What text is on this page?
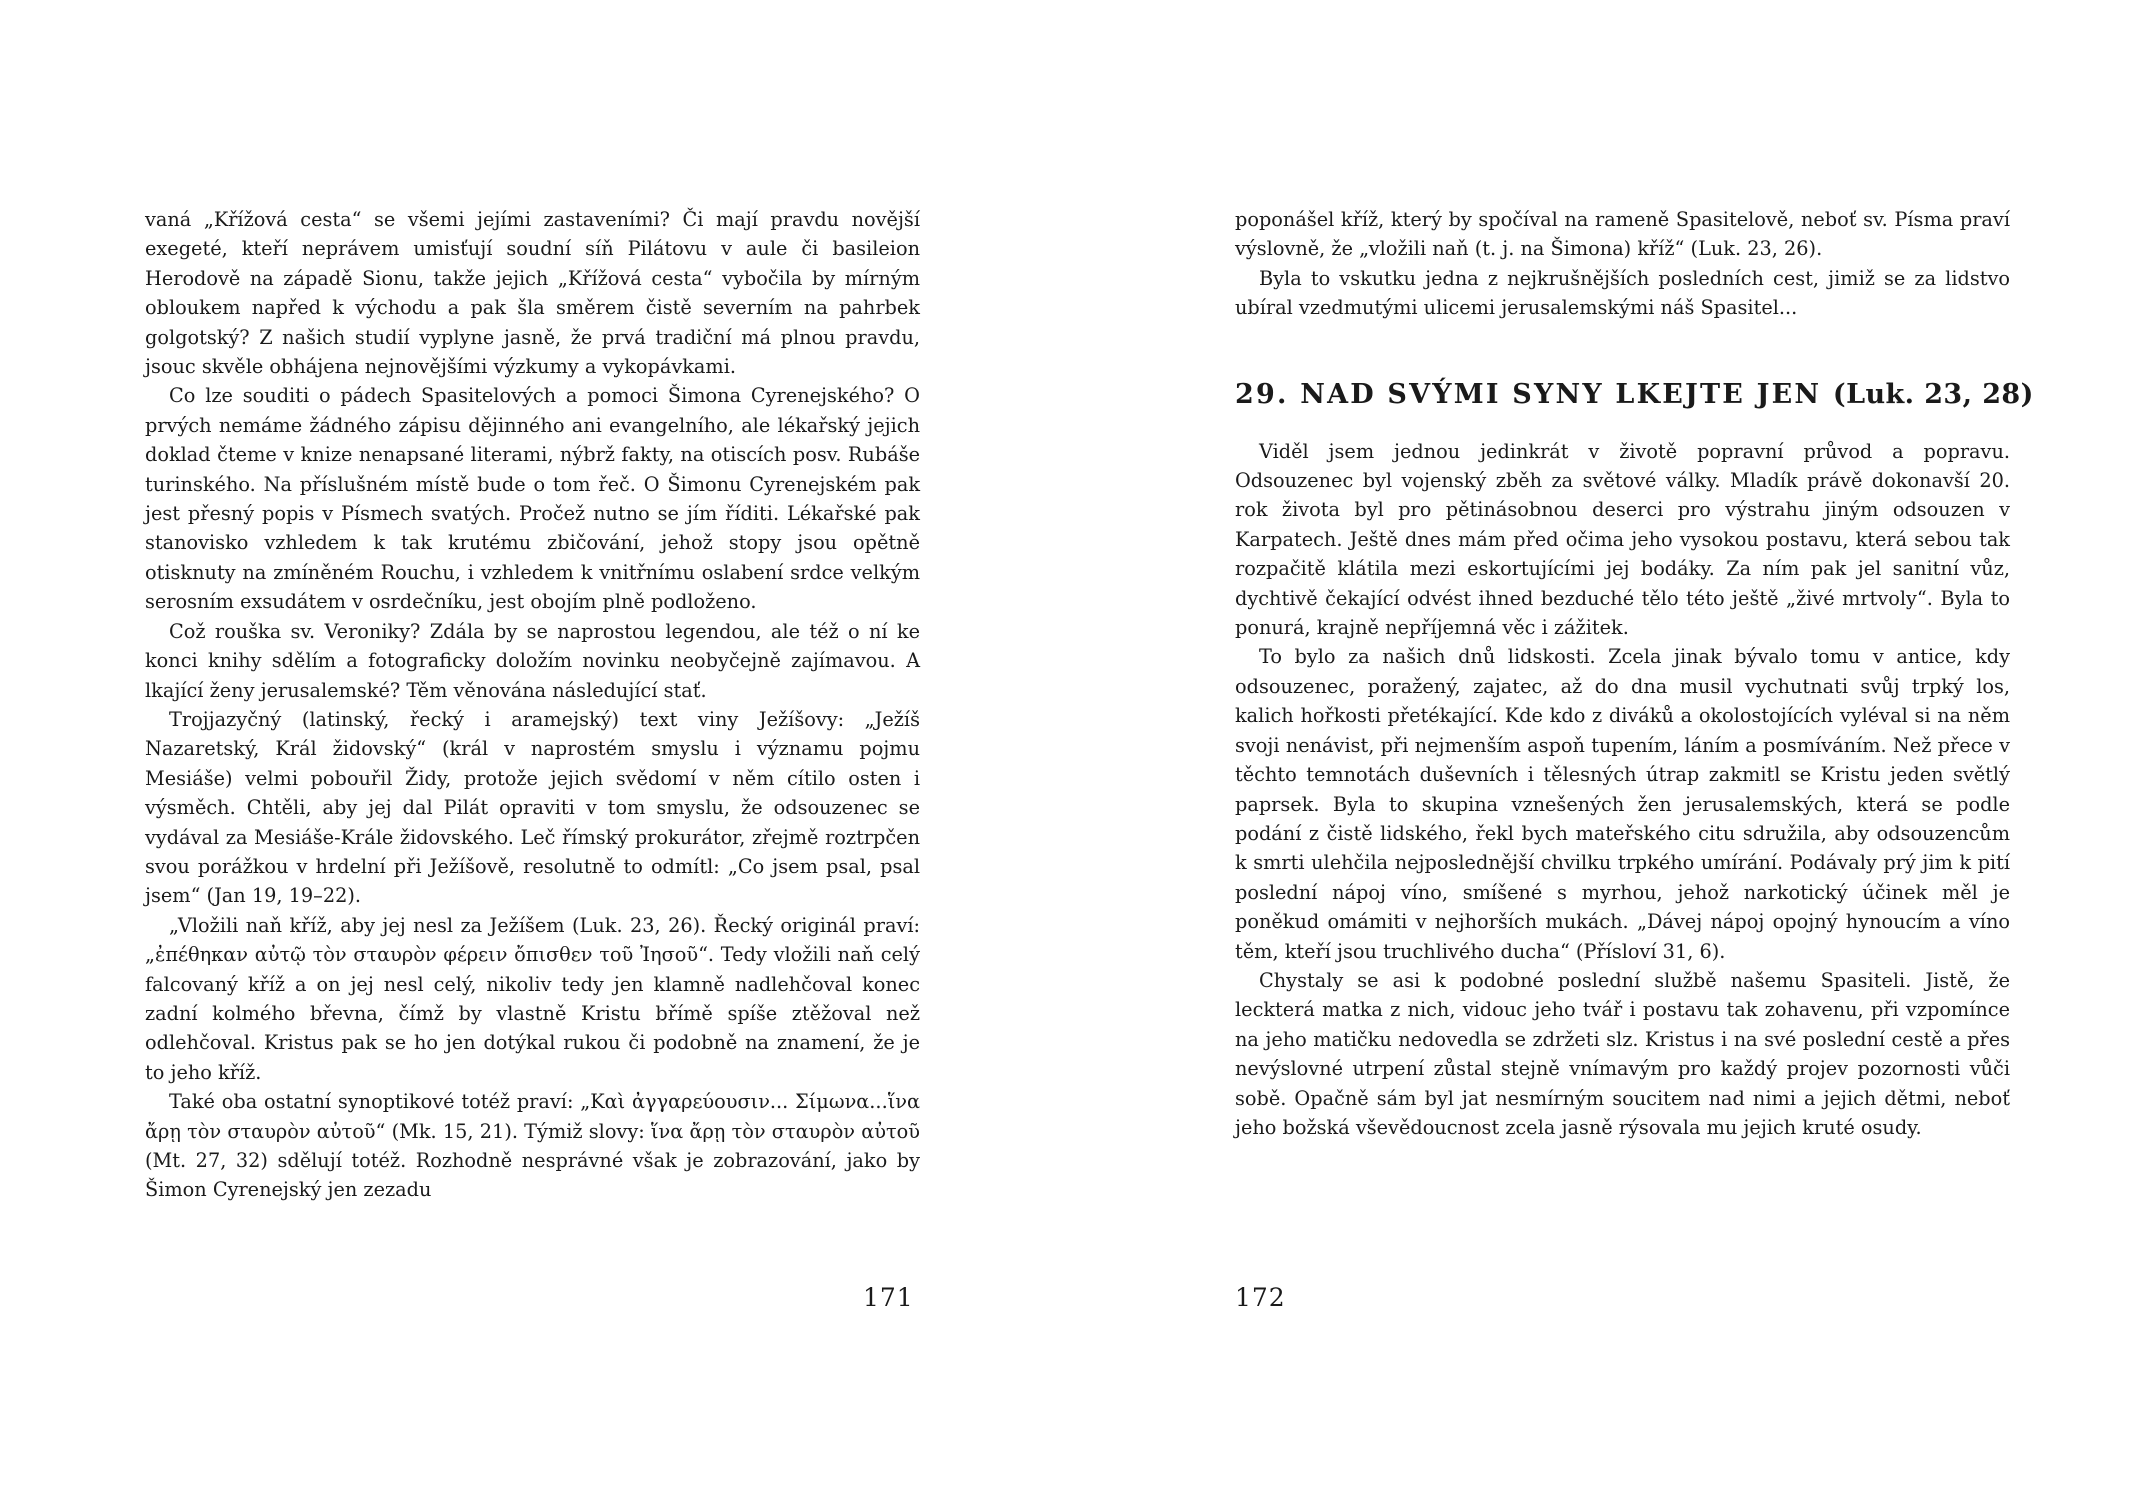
vaná „Křížová cesta“ se všemi jejími zastaveními? Či mají pravdu novější exegeté, kteří neprávem umisťují soudní síň Pilátovu v aule či basileion Herodově na západě Sionu, takže jejich „Křížová cesta“ vybočila by mírným obloukem napřed k východu a pak šla směrem čistě severním na pahrbek golgotský? Z našich studií vyplyne jasně, že prvá tradiční má plnou pravdu, jsouc skvěle obhájena nejnovějšími výzkumy a vykopávkami.

Co lze souditi o pádech Spasitelových a pomoci Šimona Cyrenejského? O prvých nemáme žádného zápisu dějinného ani evangelního, ale lékařský jejich doklad čteme v knize nenapsané literami, nýbrž fakty, na otiscích posv. Rubáše turinského. Na příslušném místě bude o tom řeč. O Šimonu Cyrenejském pak jest přesný popis v Písmech svatých. Pročež nutno se jím říditi. Lékařské pak stanovisko vzhledem k tak krutému zbičování, jehož stopy jsou opětně otisknuty na zmíněném Rouchu, i vzhledem k vnitřnímu oslabení srdce velkým serosním exsudátem v osrdečníku, jest obojím plně podloženo.

Což rouška sv. Veroniky? Zdála by se naprostou legendou, ale též o ní ke konci knihy sdělím a fotograficky doložím novinku neobyčejně zajímavou. A lkající ženy jerusalemské? Těm věnována následující stať.

Trojjazyčný (latinský, řecký i aramejský) text viny Ježíšovy: „Ježíš Nazaretský, Král židovský“ (král v naprostém smyslu i významu pojmu Mesiáše) velmi pobouřil Židy, protože jejich svědomí v něm cítilo osten i výsměch. Chtěli, aby jej dal Pilát opraviti v tom smyslu, že odsouzenec se vydával za Mesiáše-Krále židovského. Leč římský prokurátor, zřejmě roztrpčen svou porážkou v hrdelní při Ježíšově, resolutně to odmítl: „Co jsem psal, psal jsem“ (Jan 19, 19–22).

„Vložili naň kříž, aby jej nesl za Ježíšem (Luk. 23, 26). Řecký originál praví: „ἐπέθηκαν αὐτῷ τὸν σταυρὸν φέρειν ὄπισθεν τοῦ Ἰησοῦ“. Tedy vložili naň celý falcovaný kříž a on jej nesl celý, nikoliv tedy jen klamně nadlehčoval konec zadní kolmého břevna, čímž by vlastně Kristu břímě spíše ztěžoval než odlehčoval. Kristus pak se ho jen dotýkal rukou či podobně na znamení, že je to jeho kříž.

Také oba ostatní synoptikové totéž praví: „Καὶ ἀγγαρεύουσιν... Σίμωνα...ἵνα ἄρῃ τὸν σταυρὸν αὐτοῦ“ (Mk. 15, 21). Týmiž slovy: ἵνα ἄρῃ τὸν σταυρὸν αὐτοῦ (Mt. 27, 32) sdělují totéž. Rozhodně nesprávné však je zobrazování, jako by Šimon Cyrenejský jen zezadu

171

poponášel kříž, který by spočíval na rameně Spasitelově, neboť sv. Písma praví výslovně, že „vložili naň (t. j. na Šimona) kříž“ (Luk. 23, 26).

Byla to vskutku jedna z nejkrušnějších posledních cest, jimiž se za lidstvo ubíral vzedmutými ulicemi jerusalemskými náš Spasitel...

29. NAD SVÝMI SYNY LKEJTE JEN (Luk. 23, 28)

Viděl jsem jednou jedinkrát v životě popravní průvod a popravu. Odsouzenec byl vojenský zběh za světové války. Mladík právě dokonavší 20. rok života byl pro pětinásobnou deserci pro výstrahu jiným odsouzen v Karpatech. Ještě dnes mám před očima jeho vysokou postavu, která sebou tak rozpačitě klátila mezi eskortujícími jej bodáky. Za ním pak jel sanitní vůz, dychtivě čekající odvést ihned bezduché tělo této ještě „živé mrtvoly“. Byla to ponurá, krajně nepříjemná věc i zážitek.

To bylo za našich dnů lidskosti. Zcela jinak bývalo tomu v antice, kdy odsouzenec, poražený, zajatec, až do dna musil vychutnati svůj trpký los, kalich hořkosti přetékající. Kde kdo z diváků a okolostojících vyléval si na něm svoji nenávist, při nejmenším aspoň tupením, láním a posmíváním. Než přece v těchto temnotách duševních i tělesných útrap zakmitl se Kristu jeden světlý paprsek. Byla to skupina vznešených žen jerusalemských, která se podle podání z čistě lidského, řekl bych mateřského citu sdružila, aby odsouzencům k smrti ulehčila nejposlednější chvilku trpkého umírání. Podávaly prý jim k pití poslední nápoj víno, smíšené s myrhou, jehož narkotický účinek měl je poněkud omámiti v nejhorších mukách. „Dávej nápoj opojný hynoucím a víno těm, kteří jsou truchlivého ducha“ (Přísloví 31, 6).

Chystaly se asi k podobné poslední službě našemu Spasiteli. Jistě, že leckterá matka z nich, vidouc jeho tvář i postavu tak zohavenu, při vzpomínce na jeho matičku nedovedla se zdržeti slz. Kristus i na své poslední cestě a přes nevýslovné utrpení zůstal stejně vnímavým pro každý projev pozornosti vůči sobě. Opačně sám byl jat nesmírným soucitem nad nimi a jejich dětmi, neboť jeho božská vševědoucnost zcela jasně rýsovala mu jejich kruté osudy.

172
